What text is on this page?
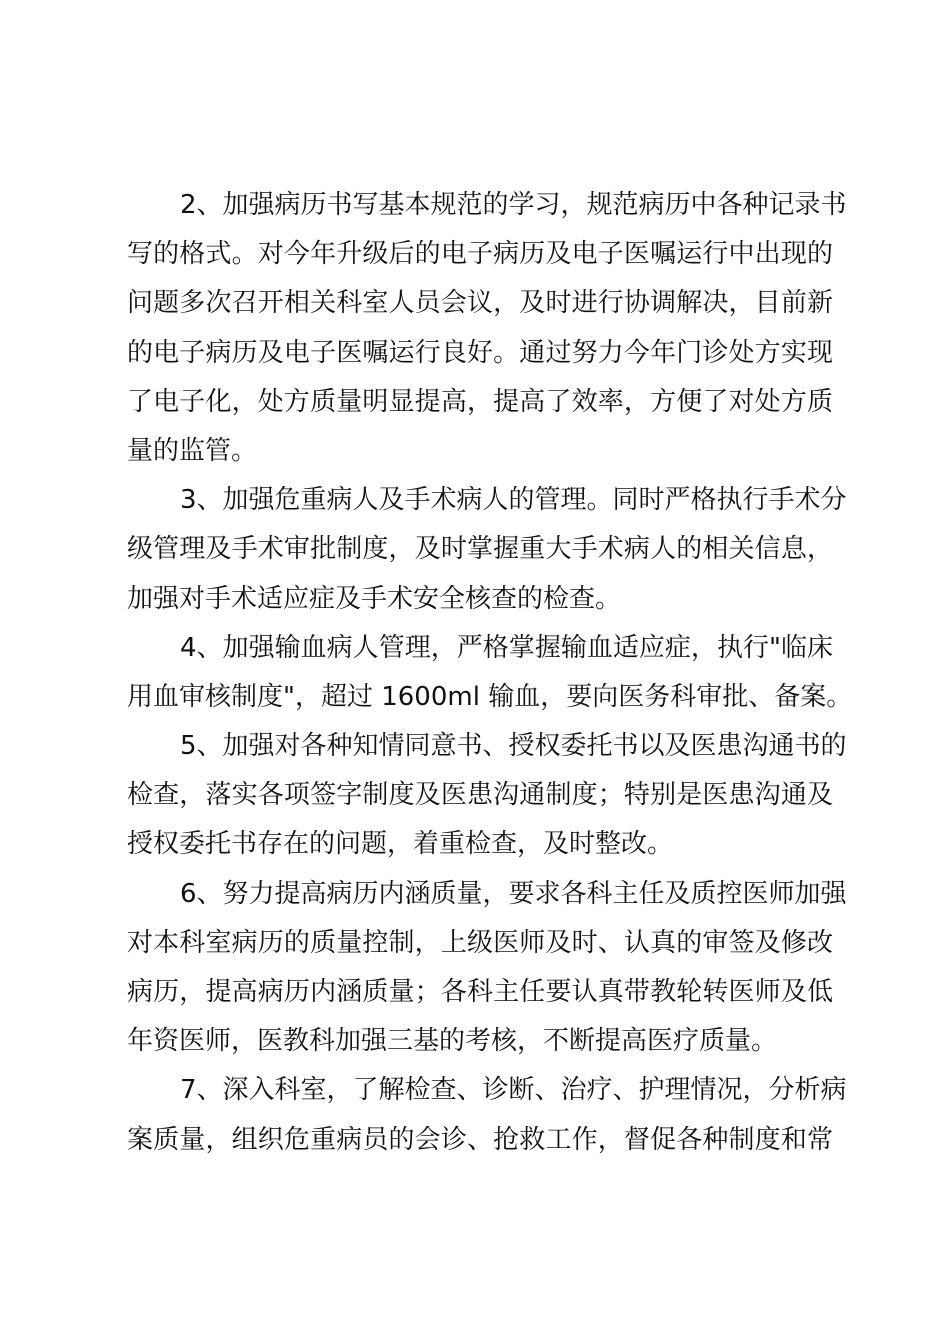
2、加强病历书写基本规范的学习，规范病历中各种记录书
写的格式。对今年升级后的电子病历及电子医嘱运行中出现的
问题多次召开相关科室人员会议，及时进行协调解决，目前新
的电子病历及电子医嘱运行良好。通过努力今年门诊处方实现
了电子化，处方质量明显提高，提高了效率，方便了对处方质
量的监管。
3、加强危重病人及手术病人的管理。同时严格执行手术分
级管理及手术审批制度，及时掌握重大手术病人的相关信息，
加强对手术适应症及手术安全核查的检查。
4、加强输血病人管理，严格掌握输血适应症，执行"临床
用血审核制度"，超过 1600ml 输血，要向医务科审批、备案。
5、加强对各种知情同意书、授权委托书以及医患沟通书的
检查，落实各项签字制度及医患沟通制度；特别是医患沟通及
授权委托书存在的问题，着重检查，及时整改。
6、努力提高病历内涵质量，要求各科主任及质控医师加强
对本科室病历的质量控制，上级医师及时、认真的审签及修改
病历，提高病历内涵质量；各科主任要认真带教轮转医师及低
年资医师，医教科加强三基的考核，不断提高医疗质量。
7、深入科室，了解检查、诊断、治疗、护理情况，分析病
案质量，组织危重病员的会诊、抢救工作，督促各种制度和常
